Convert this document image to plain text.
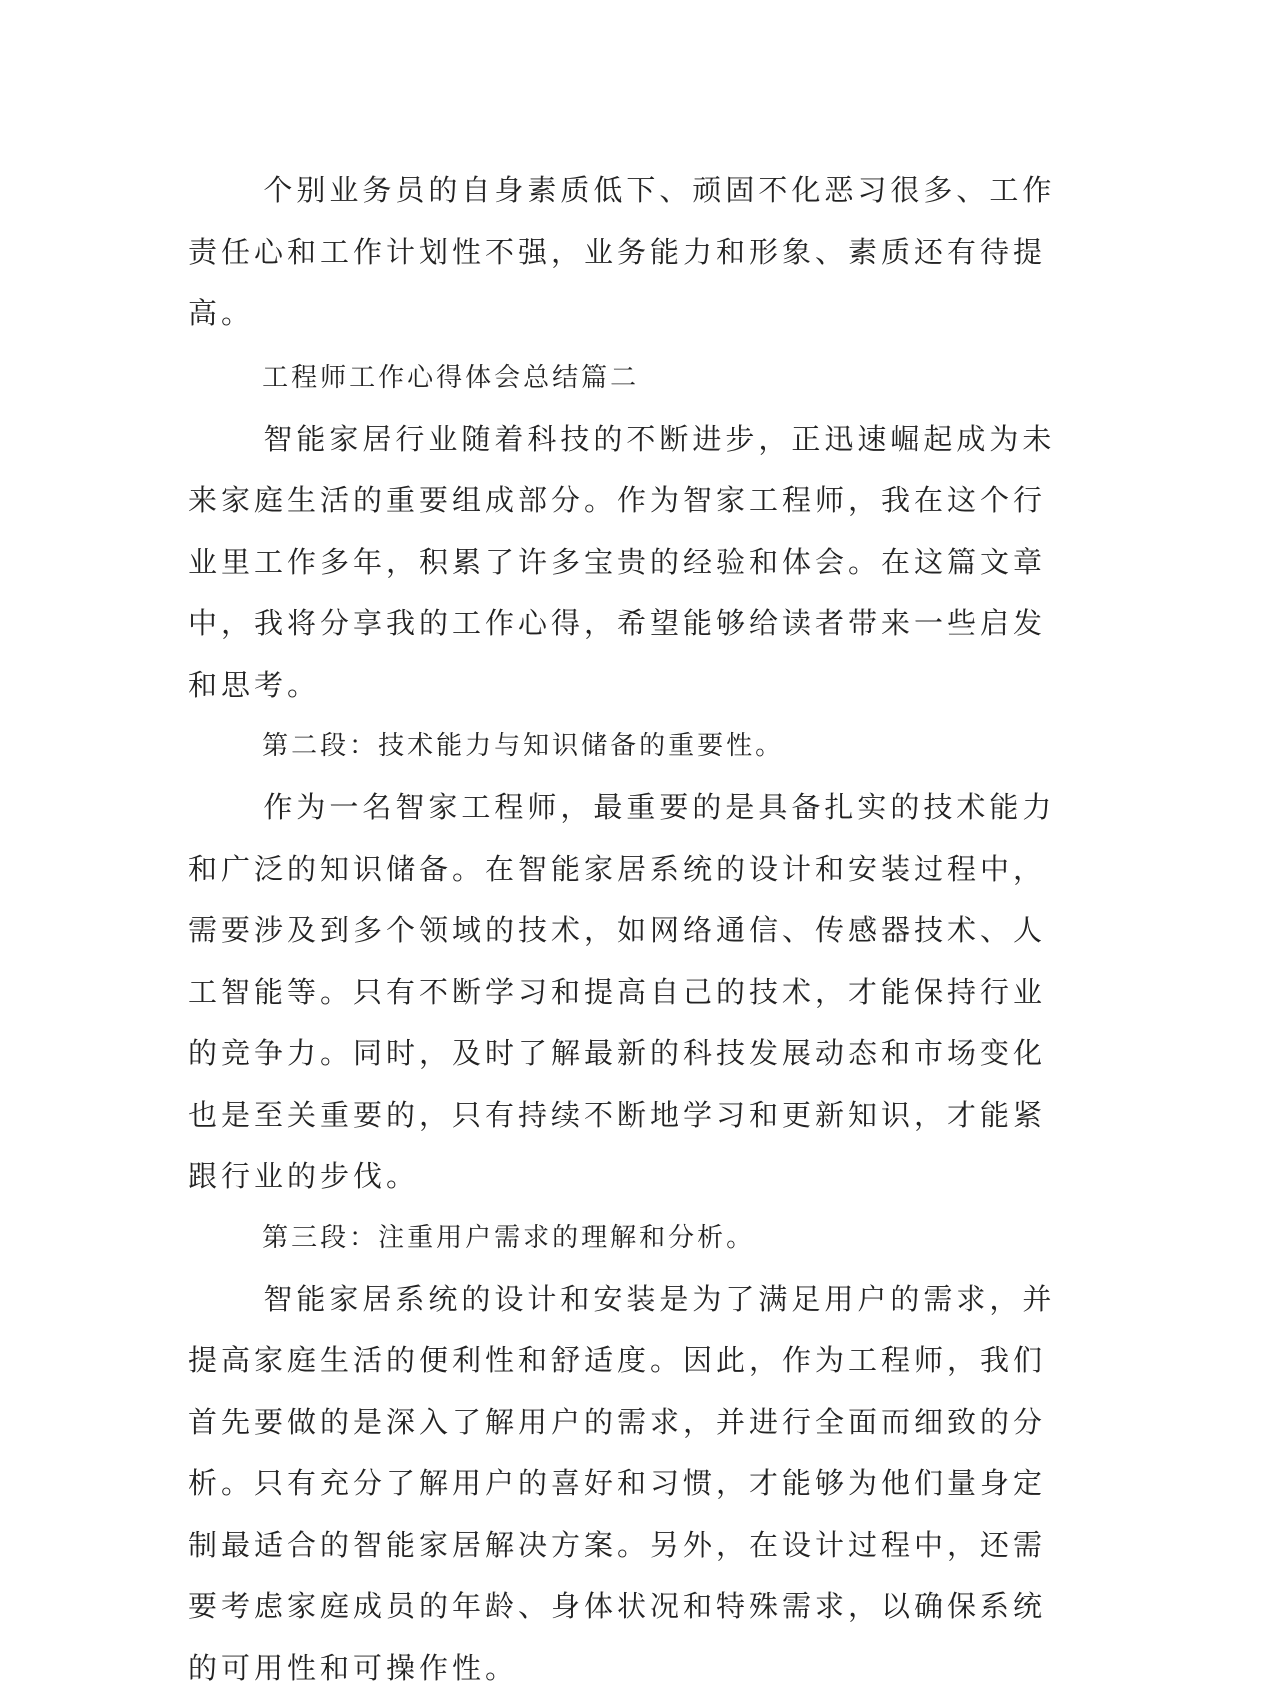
个别业务员的自身素质低下、顽固不化恶习很多、工作责任心和工作计划性不强，业务能力和形象、素质还有待提高。

工程师工作心得体会总结篇二

智能家居行业随着科技的不断进步，正迅速崛起成为未来家庭生活的重要组成部分。作为智家工程师，我在这个行业里工作多年，积累了许多宝贵的经验和体会。在这篇文章中，我将分享我的工作心得，希望能够给读者带来一些启发和思考。

第二段：技术能力与知识储备的重要性。

作为一名智家工程师，最重要的是具备扎实的技术能力和广泛的知识储备。在智能家居系统的设计和安装过程中，需要涉及到多个领域的技术，如网络通信、传感器技术、人工智能等。只有不断学习和提高自己的技术，才能保持行业的竞争力。同时，及时了解最新的科技发展动态和市场变化也是至关重要的，只有持续不断地学习和更新知识，才能紧跟行业的步伐。

第三段：注重用户需求的理解和分析。

智能家居系统的设计和安装是为了满足用户的需求，并提高家庭生活的便利性和舒适度。因此，作为工程师，我们首先要做的是深入了解用户的需求，并进行全面而细致的分析。只有充分了解用户的喜好和习惯，才能够为他们量身定制最适合的智能家居解决方案。另外，在设计过程中，还需要考虑家庭成员的年龄、身体状况和特殊需求，以确保系统的可用性和可操作性。
